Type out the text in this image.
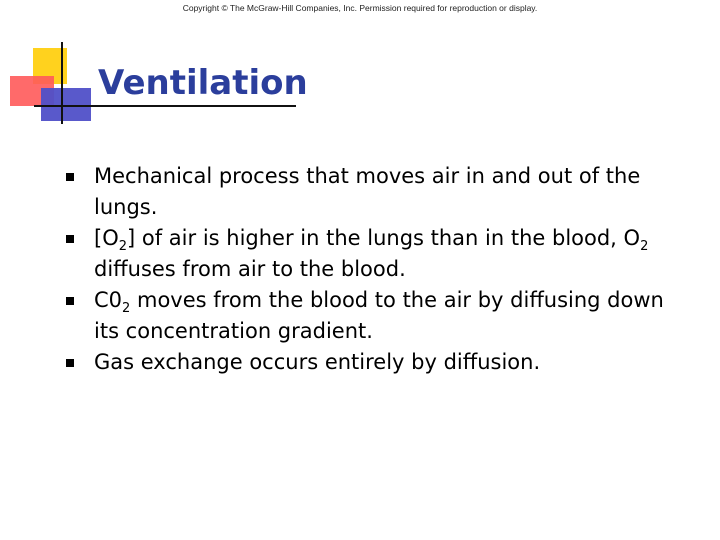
Copyright © The McGraw-Hill Companies, Inc. Permission required for reproduction or display.
Ventilation
Mechanical process that moves air in and out of the lungs.
$[O_2]$ of air is higher in the lungs than in the blood, $O_2$ diffuses from air to the blood.
$C0_2$ moves from the blood to the air by diffusing down its concentration gradient.
Gas exchange occurs entirely by diffusion.
